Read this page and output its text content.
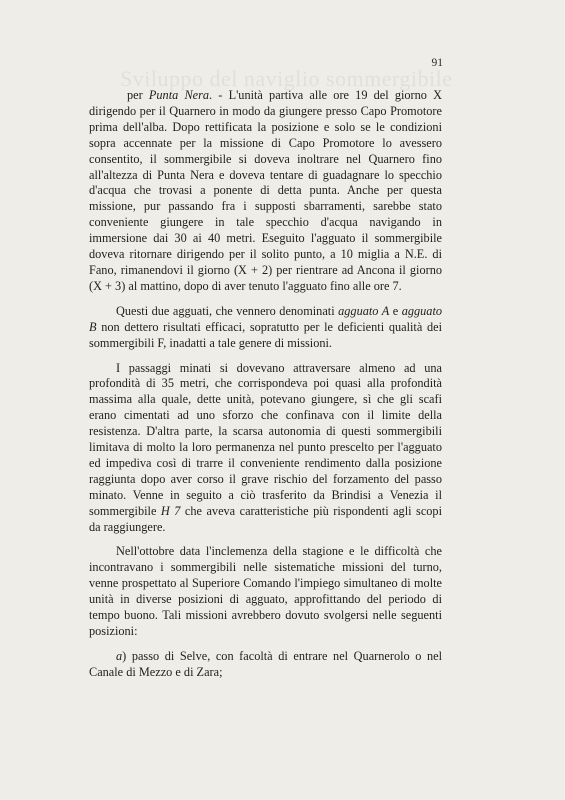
Sviluppo del naviglio sommergibile
91

per Punta Nera. - L'unità partiva alle ore 19 del giorno X dirigendo per il Quarnero in modo da giungere presso Capo Promotore prima dell'alba. Dopo rettificata la posizione e solo se le condizioni sopra accennate per la missione di Capo Promotore lo avessero consentito, il sommergibile si doveva inoltrare nel Quarnero fino all'altezza di Punta Nera e doveva tentare di guadagnare lo specchio d'acqua che trovasi a ponente di detta punta. Anche per questa missione, pur passando fra i supposti sbarramenti, sarebbe stato conveniente giungere in tale specchio d'acqua navigando in immersione dai 30 ai 40 metri. Eseguito l'agguato il sommergibile doveva ritornare dirigendo per il solito punto, a 10 miglia a N.E. di Fano, rimanendovi il giorno (X + 2) per rientrare ad Ancona il giorno (X + 3) al mattino, dopo di aver tenuto l'agguato fino alle ore 7.

Questi due agguati, che vennero denominati agguato A e agguato B non dettero risultati efficaci, sopratutto per le deficienti qualità dei sommergibili F, inadatti a tale genere di missioni.

I passaggi minati si dovevano attraversare almeno ad una profondità di 35 metri, che corrispondeva poi quasi alla profondità massima alla quale, dette unità, potevano giungere, sì che gli scafi erano cimentati ad uno sforzo che confinava con il limite della resistenza. D'altra parte, la scarsa autonomia di questi sommergibili limitava di molto la loro permanenza nel punto prescelto per l'agguato ed impediva così di trarre il conveniente rendimento dalla posizione raggiunta dopo aver corso il grave rischio del forzamento del passo minato. Venne in seguito a ciò trasferito da Brindisi a Venezia il sommergibile H 7 che aveva caratteristiche più rispondenti agli scopi da raggiungere.

Nell'ottobre data l'inclemenza della stagione e le difficoltà che incontravano i sommergibili nelle sistematiche missioni del turno, venne prospettato al Superiore Comando l'impiego simultaneo di molte unità in diverse posizioni di agguato, approfittando del periodo di tempo buono. Tali missioni avrebbero dovuto svolgersi nelle seguenti posizioni:

a) passo di Selve, con facoltà di entrare nel Quarnerolo o nel Canale di Mezzo e di Zara;
